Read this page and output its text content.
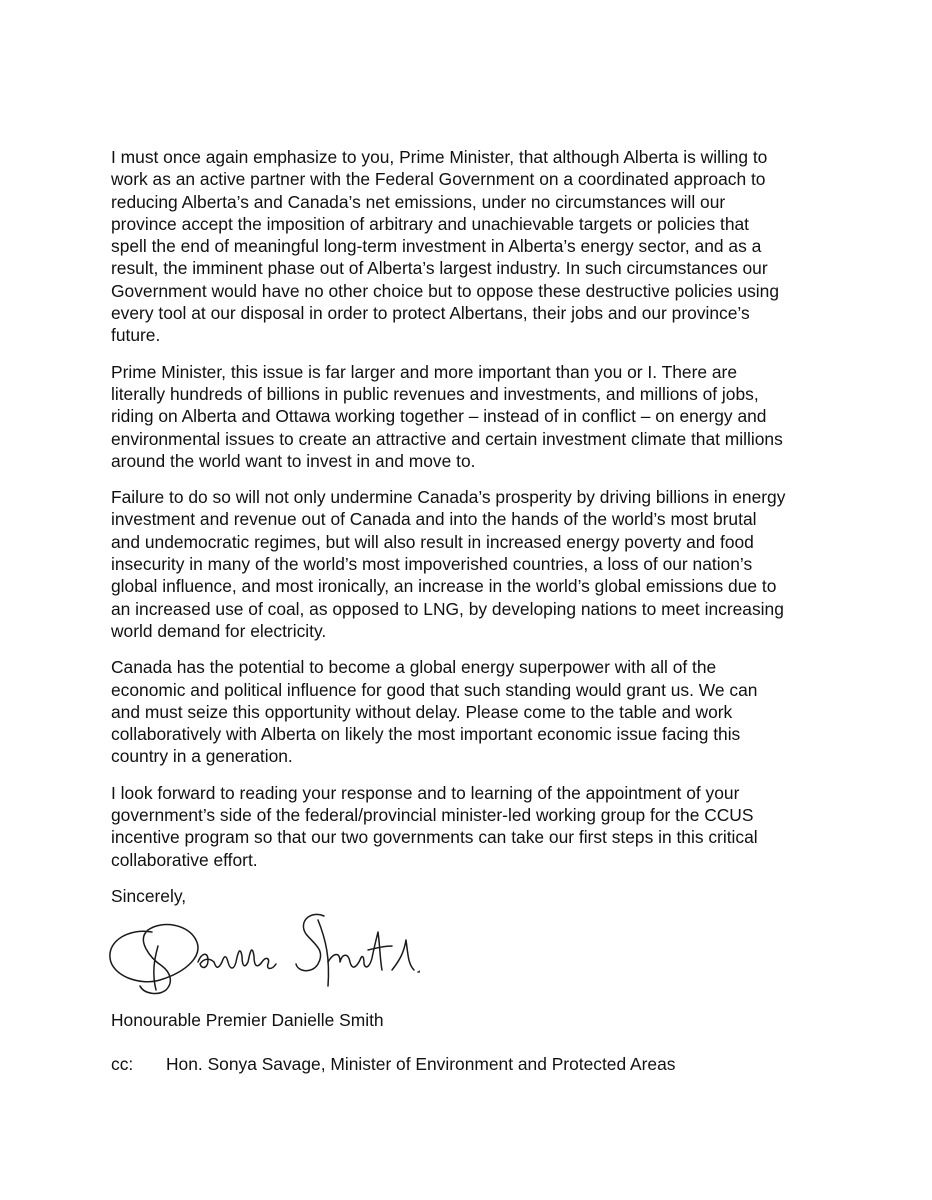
I must once again emphasize to you, Prime Minister, that although Alberta is willing to
work as an active partner with the Federal Government on a coordinated approach to
reducing Alberta’s and Canada’s net emissions, under no circumstances will our
province accept the imposition of arbitrary and unachievable targets or policies that
spell the end of meaningful long-term investment in Alberta’s energy sector, and as a
result, the imminent phase out of Alberta’s largest industry. In such circumstances our
Government would have no other choice but to oppose these destructive policies using
every tool at our disposal in order to protect Albertans, their jobs and our province’s
future.

Prime Minister, this issue is far larger and more important than you or I. There are
literally hundreds of billions in public revenues and investments, and millions of jobs,
riding on Alberta and Ottawa working together – instead of in conflict – on energy and
environmental issues to create an attractive and certain investment climate that millions
around the world want to invest in and move to.

Failure to do so will not only undermine Canada’s prosperity by driving billions in energy
investment and revenue out of Canada and into the hands of the world’s most brutal
and undemocratic regimes, but will also result in increased energy poverty and food
insecurity in many of the world’s most impoverished countries, a loss of our nation’s
global influence, and most ironically, an increase in the world’s global emissions due to
an increased use of coal, as opposed to LNG, by developing nations to meet increasing
world demand for electricity.

Canada has the potential to become a global energy superpower with all of the
economic and political influence for good that such standing would grant us. We can
and must seize this opportunity without delay. Please come to the table and work
collaboratively with Alberta on likely the most important economic issue facing this
country in a generation.

I look forward to reading your response and to learning of the appointment of your
government’s side of the federal/provincial minister-led working group for the CCUS
incentive program so that our two governments can take our first steps in this critical
collaborative effort.

Sincerely,

Honourable Premier Danielle Smith

cc:	Hon. Sonya Savage, Minister of Environment and Protected Areas
